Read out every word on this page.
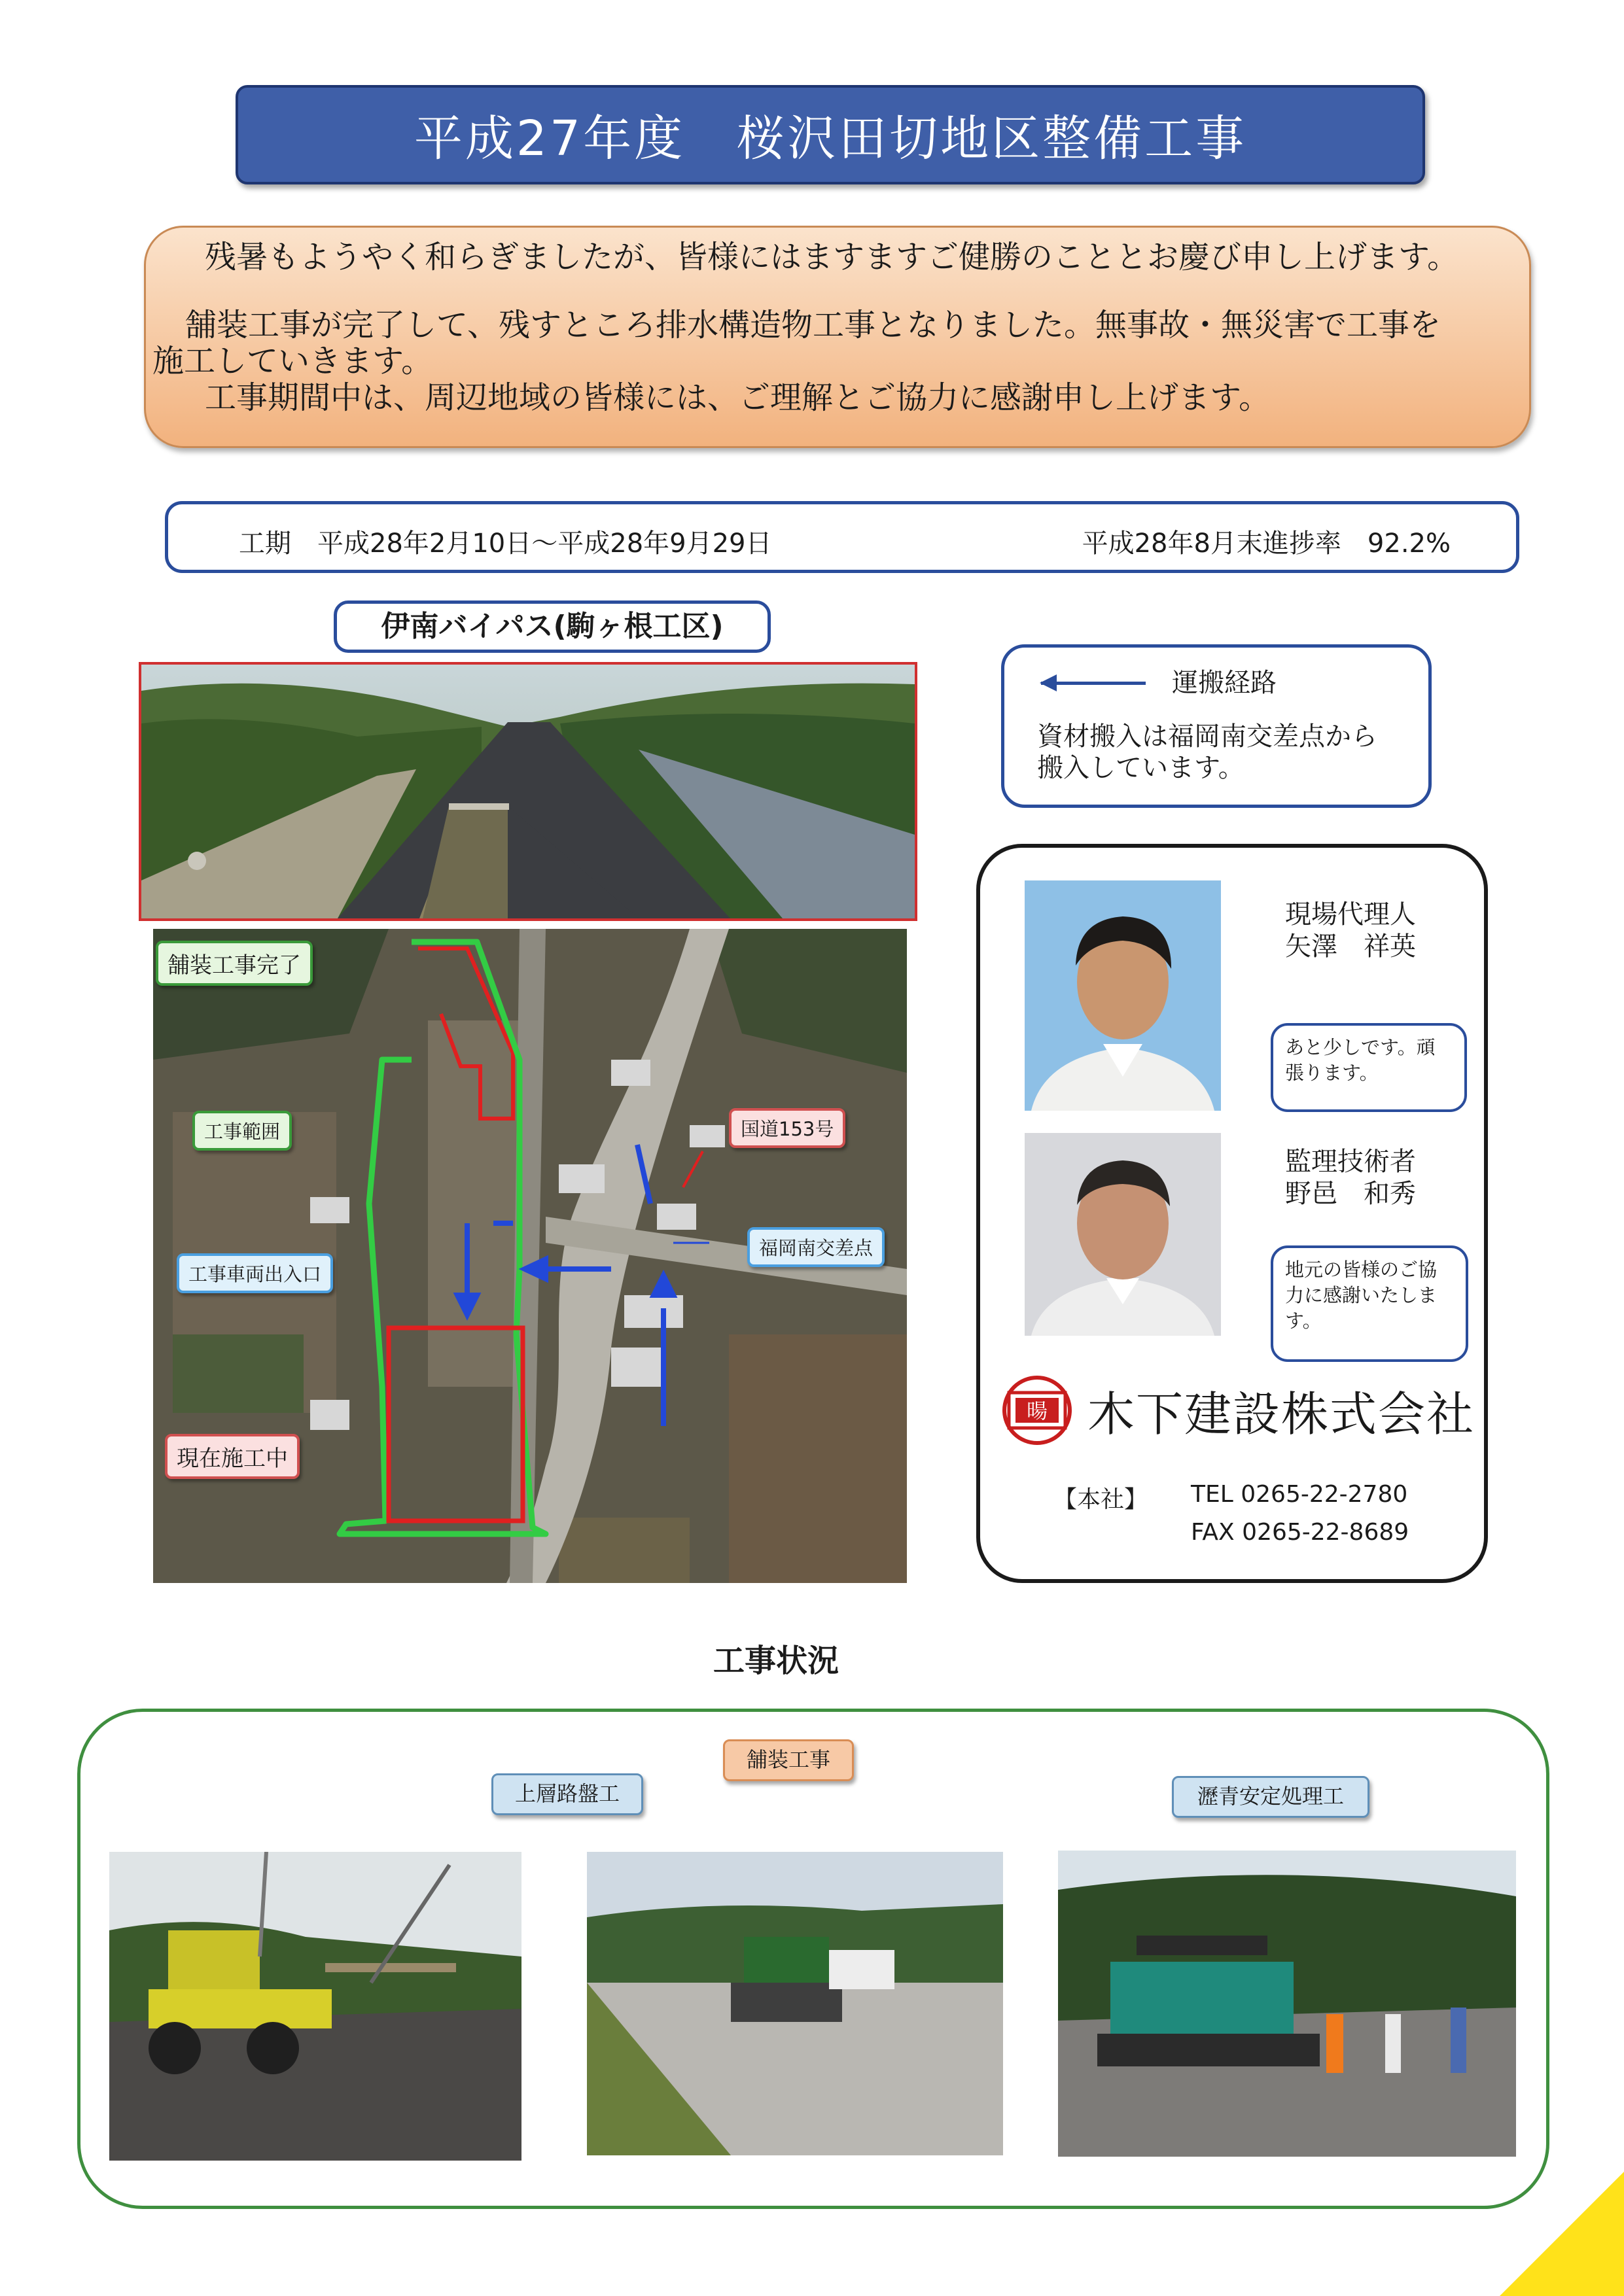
平成27年度　桜沢田切地区整備工事

残暑もようやく和らぎましたが、皆様にはますますご健勝のこととお慶び申し上げます。

舗装工事が完了して、残すところ排水構造物工事となりました。無事故・無災害で工事を

施工していきます。

工事期間中は、周辺地域の皆様には、ご理解とご協力に感謝申し上げます。

工期　平成28年2月10日～平成28年9月29日	平成28年8月末進捗率　92.2%
伊南バイパス(駒ヶ根工区)
舗装工事完了
工事範囲
工事車両出入口
現在施工中
国道153号
福岡南交差点
運搬経路
資材搬入は福岡南交差点から
搬入しています。
現場代理人
矢澤　祥英
あと少しです。頑張ります。
監理技術者
野邑　和秀
地元の皆様のご協力に感謝いたします。
暘 木下建設株式会社
【本社】 TEL 0265-22-2780
FAX 0265-22-8689
工事状況
舗装工事
上層路盤工	瀝青安定処理工
